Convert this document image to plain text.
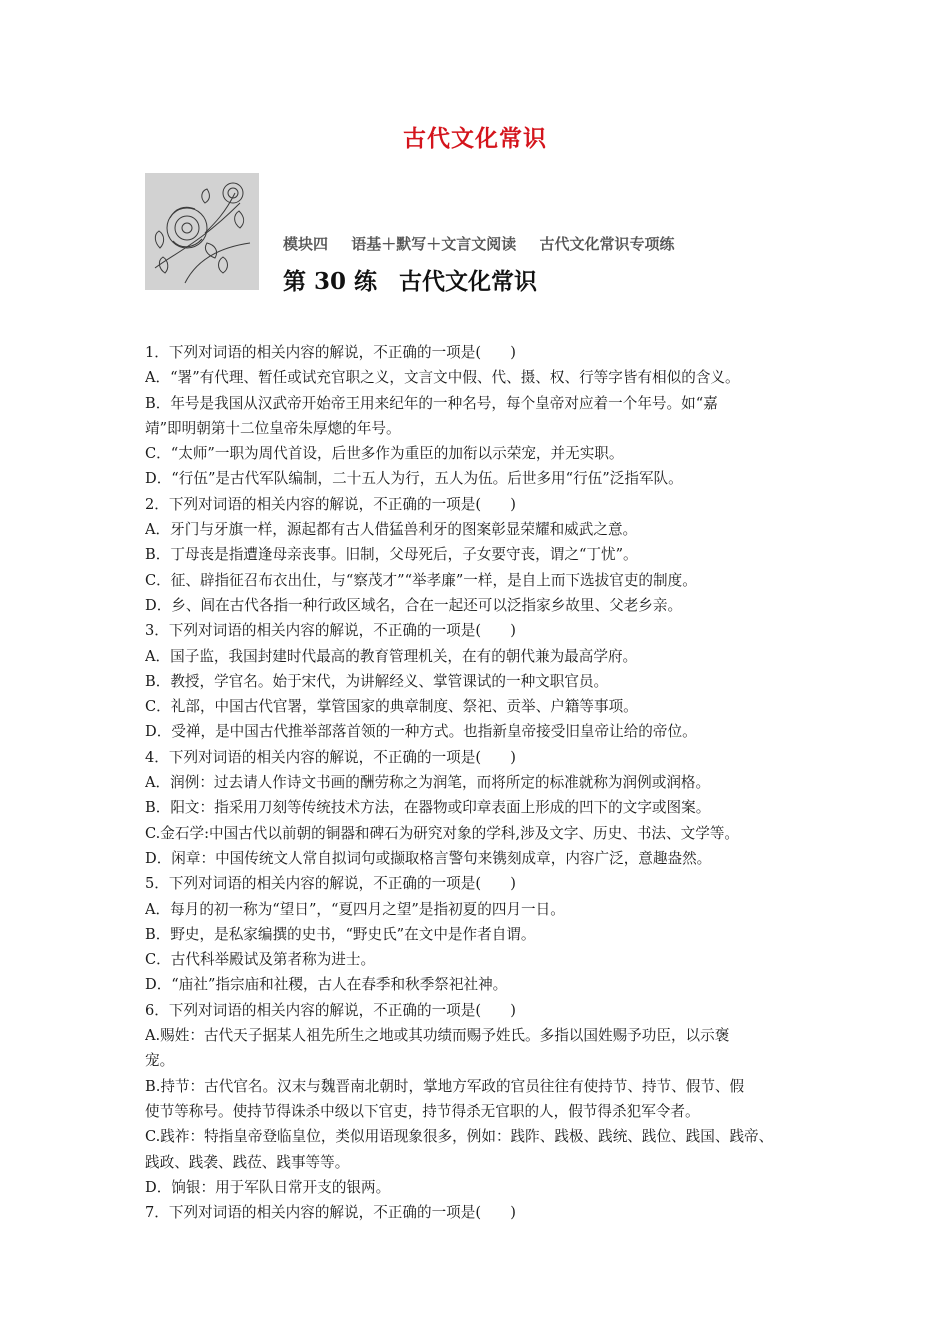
古代文化常识
模块四 语基＋默写＋文言文阅读 古代文化常识专项练
第 30 练 古代文化常识
1．下列对词语的相关内容的解说，不正确的一项是(　　)
A．“署”有代理、暂任或试充官职之义，文言文中假、代、摄、权、行等字皆有相似的含义。
B．年号是我国从汉武帝开始帝王用来纪年的一种名号，每个皇帝对应着一个年号。如“嘉
靖”即明朝第十二位皇帝朱厚熜的年号。
C．“太师”一职为周代首设，后世多作为重臣的加衔以示荣宠，并无实职。
D．“行伍”是古代军队编制，二十五人为行，五人为伍。后世多用“行伍”泛指军队。
2．下列对词语的相关内容的解说，不正确的一项是(　　)
A．牙门与牙旗一样，源起都有古人借猛兽利牙的图案彰显荣耀和威武之意。
B．丁母丧是指遭逢母亲丧事。旧制，父母死后，子女要守丧，谓之“丁忧”。
C．征、辟指征召布衣出仕，与“察茂才”“举孝廉”一样，是自上而下选拔官吏的制度。
D．乡、闾在古代各指一种行政区域名，合在一起还可以泛指家乡故里、父老乡亲。
3．下列对词语的相关内容的解说，不正确的一项是(　　)
A．国子监，我国封建时代最高的教育管理机关，在有的朝代兼为最高学府。
B．教授，学官名。始于宋代，为讲解经义、掌管课试的一种文职官员。
C．礼部，中国古代官署，掌管国家的典章制度、祭祀、贡举、户籍等事项。
D．受禅，是中国古代推举部落首领的一种方式。也指新皇帝接受旧皇帝让给的帝位。
4．下列对词语的相关内容的解说，不正确的一项是(　　)
A．润例：过去请人作诗文书画的酬劳称之为润笔，而将所定的标准就称为润例或润格。
B．阳文：指采用刀刻等传统技术方法，在器物或印章表面上形成的凹下的文字或图案。
C.金石学:中国古代以前朝的铜器和碑石为研究对象的学科,涉及文字、历史、书法、文学等。
D．闲章：中国传统文人常自拟词句或撷取格言警句来镌刻成章，内容广泛，意趣盎然。
5．下列对词语的相关内容的解说，不正确的一项是(　　)
A．每月的初一称为“望日”，“夏四月之望”是指初夏的四月一日。
B．野史，是私家编撰的史书，“野史氏”在文中是作者自谓。
C．古代科举殿试及第者称为进士。
D．“庙社”指宗庙和社稷，古人在春季和秋季祭祀社神。
6．下列对词语的相关内容的解说，不正确的一项是(　　)
A.赐姓：古代天子据某人祖先所生之地或其功绩而赐予姓氏。多指以国姓赐予功臣，以示褒
宠。
B.持节：古代官名。汉末与魏晋南北朝时，掌地方军政的官员往往有使持节、持节、假节、假
使节等称号。使持节得诛杀中级以下官吏，持节得杀无官职的人，假节得杀犯军令者。
C.践祚：特指皇帝登临皇位，类似用语现象很多，例如：践阼、践极、践统、践位、践国、践帝、
践政、践袭、践莅、践事等等。
D．饷银：用于军队日常开支的银两。
7．下列对词语的相关内容的解说，不正确的一项是(　　)
